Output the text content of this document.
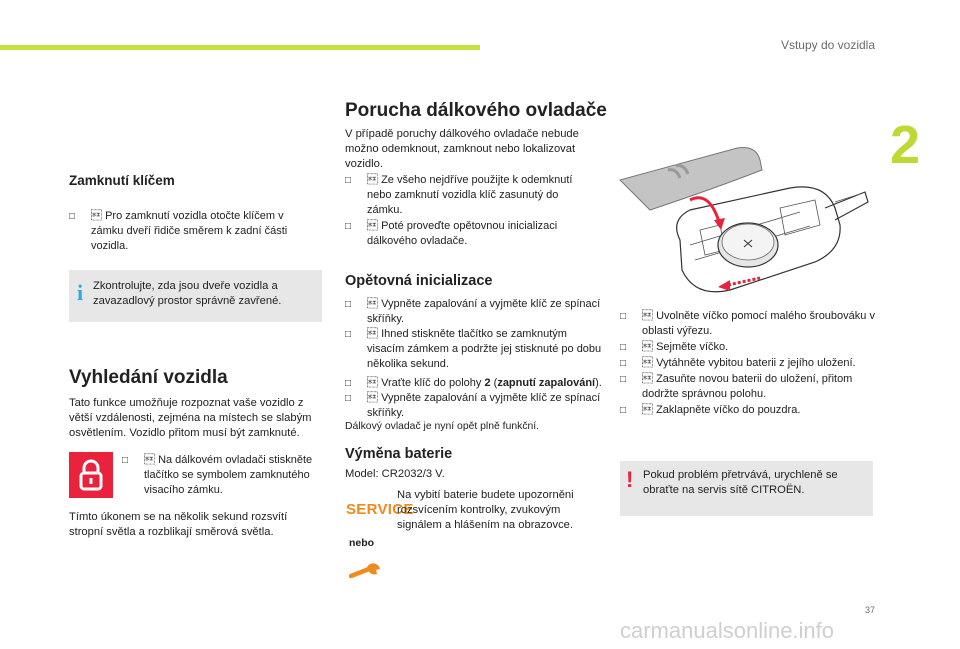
Vstupy do vozidla
2
Zamknutí klíčem

 □	Pro zamknutí vozidla otočte klíčem v zámku dveří řidiče směrem k zadní části vozidla.
i Zkontrolujte, zda jsou dveře vozidla a zavazadlový prostor správně zavřené.
Vyhledání vozidla
Tato funkce umožňuje rozpoznat vaše vozidlo z větší vzdálenosti, zejména na místech se slabým osvětlením. Vozidlo přitom musí být zamknuté.

 □	Na dálkovém ovladači stiskněte tlačítko se symbolem zamknutého visacího zámku.
Tímto úkonem se na několik sekund rozsvítí stropní světla a rozblikají směrová světla.
Porucha dálkového ovladače
V případě poruchy dálkového ovladače nebude možno odemknout, zamknout nebo lokalizovat vozidlo.

 □	Ze všeho nejdříve použijte k odemknutí nebo zamknutí vozidla klíč zasunutý do zámku.

 □	Poté proveďte opětovnou inicializaci dálkového ovladače.
Opětovná inicializace

 □	Vypněte zapalování a vyjměte klíč ze spínací skříňky.

 □	Ihned stiskněte tlačítko se zamknutým visacím zámkem a podržte jej stisknuté po dobu několika sekund.

 □	Vraťte klíč do polohy 2 (zapnutí zapalování).

 □	Vypněte zapalování a vyjměte klíč ze spínací skříňky.
Dálkový ovladač je nyní opět plně funkční.
Výměna baterie
Model: CR2032/3 V.
SERVICE
nebo
Na vybití baterie budete upozorněni rozsvícením kontrolky, zvukovým signálem a hlášením na obrazovce.

 □	Uvolněte víčko pomocí malého šroubováku v oblasti výřezu.

 □	Sejměte víčko.

 □	Vytáhněte vybitou baterii z jejího uložení.

 □	Zasuňte novou baterii do uložení, přitom dodržte správnou polohu.

 □	Zaklapněte víčko do pouzdra.
! Pokud problém přetrvává, urychleně se obraťte na servis sítě CITROËN.
37
carmanualsonline.info
